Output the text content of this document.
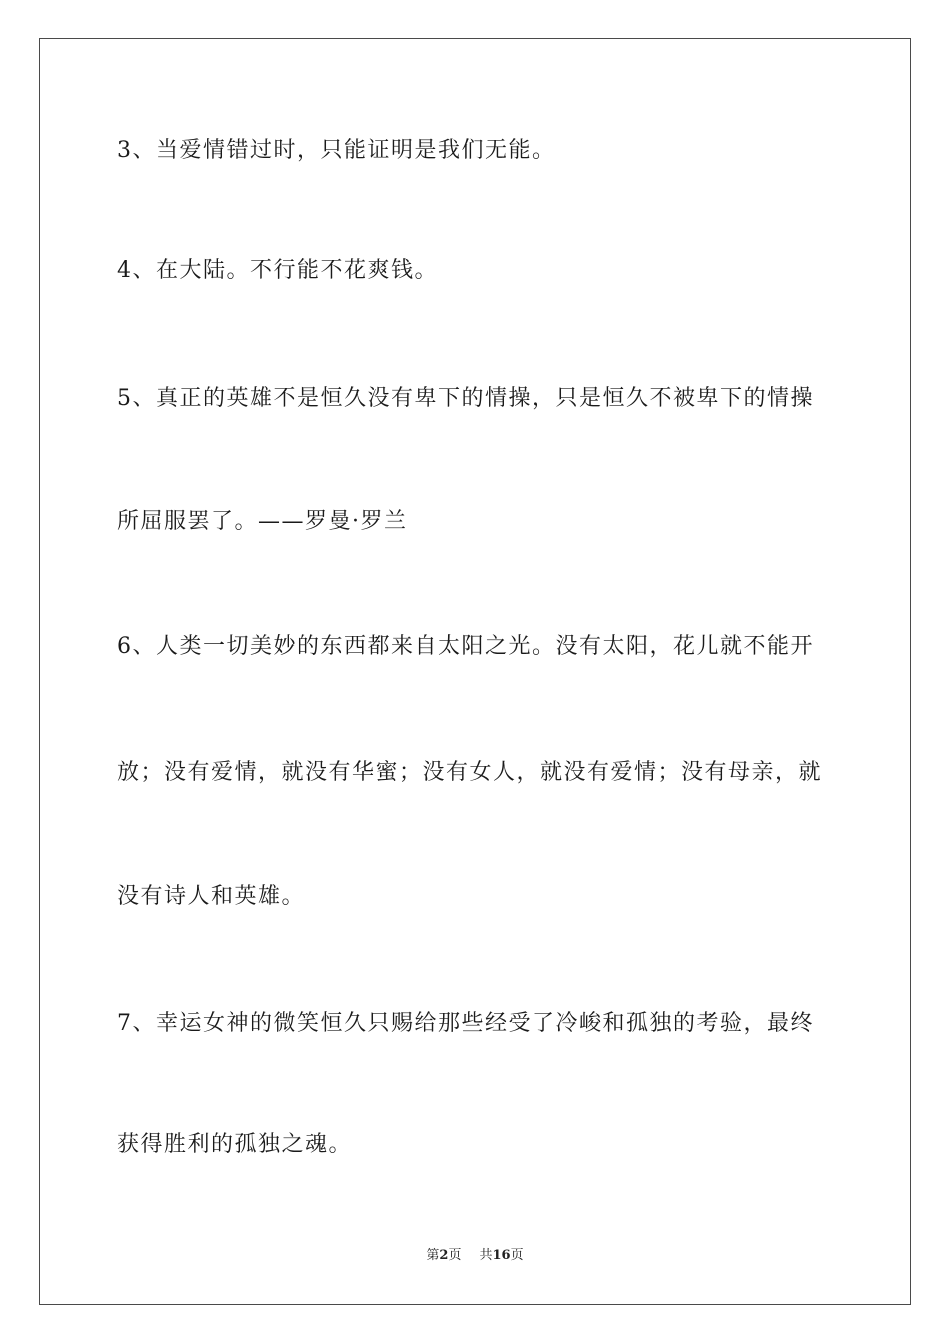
3、当爱情错过时，只能证明是我们无能。
4、在大陆。不行能不花爽钱。
5、真正的英雄不是恒久没有卑下的情操，只是恒久不被卑下的情操
所屈服罢了。——罗曼·罗兰
6、人类一切美妙的东西都来自太阳之光。没有太阳，花儿就不能开
放；没有爱情，就没有华蜜；没有女人，就没有爱情；没有母亲，就
没有诗人和英雄。
7、幸运女神的微笑恒久只赐给那些经受了冷峻和孤独的考验，最终
获得胜利的孤独之魂。
第2页 共16页
